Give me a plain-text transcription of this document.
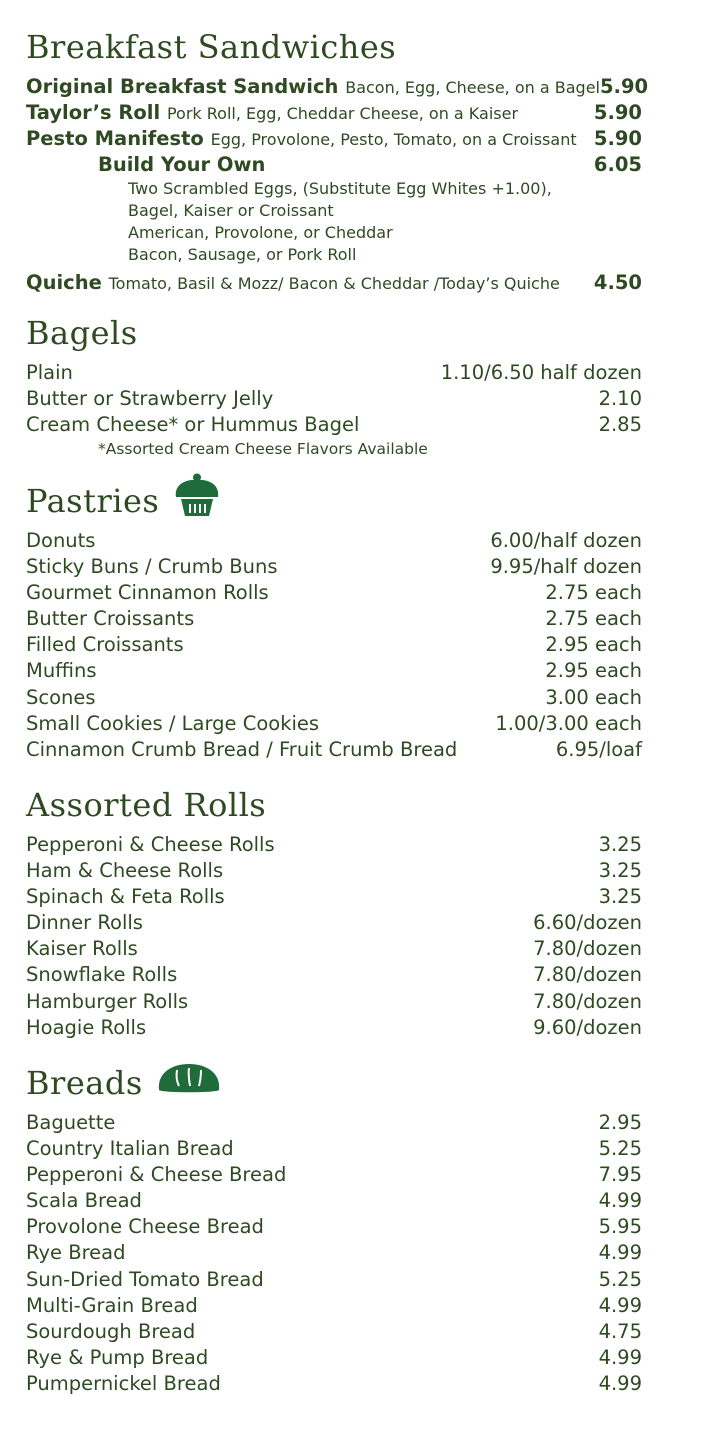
Breakfast Sandwiches
Original Breakfast Sandwich Bacon, Egg, Cheese, on a Bagel 5.90
Taylor’s Roll Pork Roll, Egg, Cheddar Cheese, on a Kaiser	5.90
Pesto Manifesto Egg, Provolone, Pesto, Tomato, on a Croissant 5.90
Build Your Own	6.05
Two Scrambled Eggs, (Substitute Egg Whites +1.00),
Bagel, Kaiser or Croissant
American, Provolone, or Cheddar
Bacon, Sausage, or Pork Roll
Quiche Tomato, Basil & Mozz/ Bacon & Cheddar /Today’s Quiche 4.50
Bagels
Plain	1.10/6.50 half dozen
Butter or Strawberry Jelly	2.10
Cream Cheese* or Hummus Bagel	2.85
*Assorted Cream Cheese Flavors Available
Pastries
Donuts	6.00/half dozen
Sticky Buns / Crumb Buns	9.95/half dozen
Gourmet Cinnamon Rolls	2.75 each
Butter Croissants	2.75 each
Filled Croissants	2.95 each
Muffins	2.95 each
Scones	3.00 each
Small Cookies / Large Cookies	1.00/3.00 each
Cinnamon Crumb Bread / Fruit Crumb Bread	6.95/loaf
Assorted Rolls
Pepperoni & Cheese Rolls	3.25
Ham & Cheese Rolls	3.25
Spinach & Feta Rolls	3.25
Dinner Rolls	6.60/dozen
Kaiser Rolls	7.80/dozen
Snowflake Rolls	7.80/dozen
Hamburger Rolls	7.80/dozen
Hoagie Rolls	9.60/dozen
Breads
Baguette	2.95
Country Italian Bread	5.25
Pepperoni & Cheese Bread	7.95
Scala Bread	4.99
Provolone Cheese Bread	5.95
Rye Bread	4.99
Sun-Dried Tomato Bread	5.25
Multi-Grain Bread	4.99
Sourdough Bread	4.75
Rye & Pump Bread	4.99
Pumpernickel Bread	4.99
